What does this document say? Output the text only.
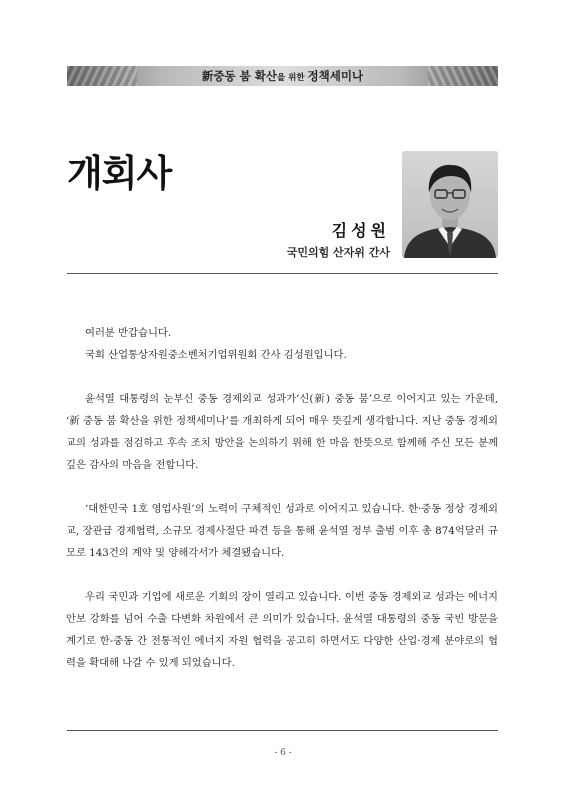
新중동 붐 확산을 위한 정책세미나
개회사
김성원
국민의힘 산자위 간사

여러분 반갑습니다.

국회 산업통상자원중소벤처기업위원회 간사 김성원입니다.

윤석열 대통령의 눈부신 중동 경제외교 성과가‘신(新) 중동 붐’으로 이어지고 있는 가운데, ‘新 중동 붐 확산을 위한 정책세미나’를 개최하게 되어 매우 뜻깊게 생각합니다. 지난 중동 경제외교의 성과를 점검하고 후속 조치 방안을 논의하기 위해 한 마음 한뜻으로 함께해 주신 모든 분께 깊은 감사의 마음을 전합니다.

‘대한민국 1호 영업사원’의 노력이 구체적인 성과로 이어지고 있습니다. 한·중동 정상 경제외교, 장관급 경제협력, 소규모 경제사절단 파견 등을 통해 윤석열 정부 출범 이후 총 874억달러 규모로 143건의 계약 및 양해각서가 체결됐습니다.

우리 국민과 기업에 새로운 기회의 장이 열리고 있습니다. 이번 중동 경제외교 성과는 에너지 안보 강화를 넘어 수출 다변화 차원에서 큰 의미가 있습니다. 윤석열 대통령의 중동 국빈 방문을 계기로 한-중동 간 전통적인 에너지 자원 협력을 공고히 하면서도 다양한 산업·경제 분야로의 협력을 확대해 나갈 수 있게 되었습니다.

- 6 -
